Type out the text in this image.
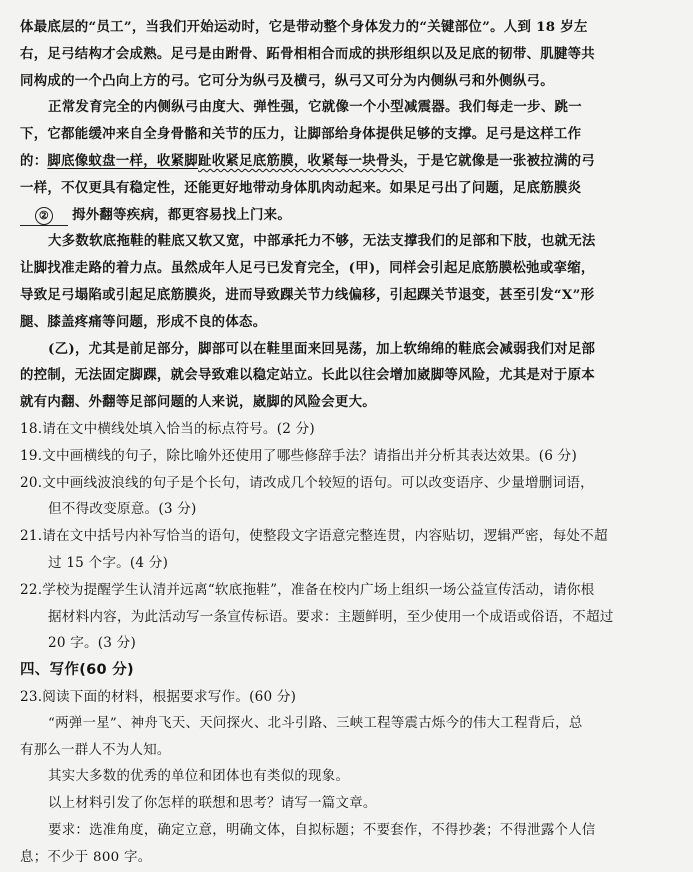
体最底层的“员工”，当我们开始运动时，它是带动整个身体发力的“关键部位”。人到 18 岁左
右，足弓结构才会成熟。足弓是由跗骨、跖骨相相合而成的拱形组织以及足底的韧带、肌腱等共
同构成的一个凸向上方的弓。它可分为纵弓及横弓，纵弓又可分为内侧纵弓和外侧纵弓。
正常发育完全的内侧纵弓由度大、弹性强，它就像一个小型减震器。我们每走一步、跳一
下，它都能缓冲来自全身骨骼和关节的压力，让脚部给身体提供足够的支撑。足弓是这样工作
的：脚底像蚊盘一样，收紧脚趾收紧足底筋膜，收紧每一块骨头，于是它就像是一张被拉满的弓
一样，不仅更具有稳定性，还能更好地带动身体肌肉动起来。如果足弓出了问题，足底筋膜炎
② 拇外翻等疾病，都更容易找上门来。
大多数软底拖鞋的鞋底又软又宽，中部承托力不够，无法支撑我们的足部和下肢，也就无法
让脚找准走路的着力点。虽然成年人足弓已发育完全，(甲)，同样会引起足底筋膜松弛或挛缩，
导致足弓塌陷或引起足底筋膜炎，进而导致踝关节力线偏移，引起踝关节退变，甚至引发“X”形
腿、膝盖疼痛等问题，形成不良的体态。
(乙)，尤其是前足部分，脚部可以在鞋里面来回晃荡，加上软绵绵的鞋底会减弱我们对足部
的控制，无法固定脚踝，就会导致难以稳定站立。长此以往会增加崴脚等风险，尤其是对于原本
就有内翻、外翻等足部问题的人来说，崴脚的风险会更大。
18.请在文中横线处填入恰当的标点符号。(2 分)
19.文中画横线的句子，除比喻外还使用了哪些修辞手法？请指出并分析其表达效果。(6 分)
20.文中画线波浪线的句子是个长句，请改成几个较短的语句。可以改变语序、少量增删词语，
但不得改变原意。(3 分)
21.请在文中括号内补写恰当的语句，使整段文字语意完整连贯，内容贴切，逻辑严密，每处不超
过 15 个字。(4 分)
22.学校为提醒学生认清并远离“软底拖鞋”，准备在校内广场上组织一场公益宣传活动，请你根
据材料内容，为此活动写一条宣传标语。要求：主题鲜明，至少使用一个成语或俗语，不超过
20 字。(3 分)
四、写作(60 分)
23.阅读下面的材料，根据要求写作。(60 分)
“两弹一星”、神舟飞天、天问探火、北斗引路、三峡工程等震古烁今的伟大工程背后，总
有那么一群人不为人知。
其实大多数的优秀的单位和团体也有类似的现象。
以上材料引发了你怎样的联想和思考？请写一篇文章。
要求：选准角度，确定立意，明确文体，自拟标题；不要套作，不得抄袭；不得泄露个人信
息；不少于 800 字。
